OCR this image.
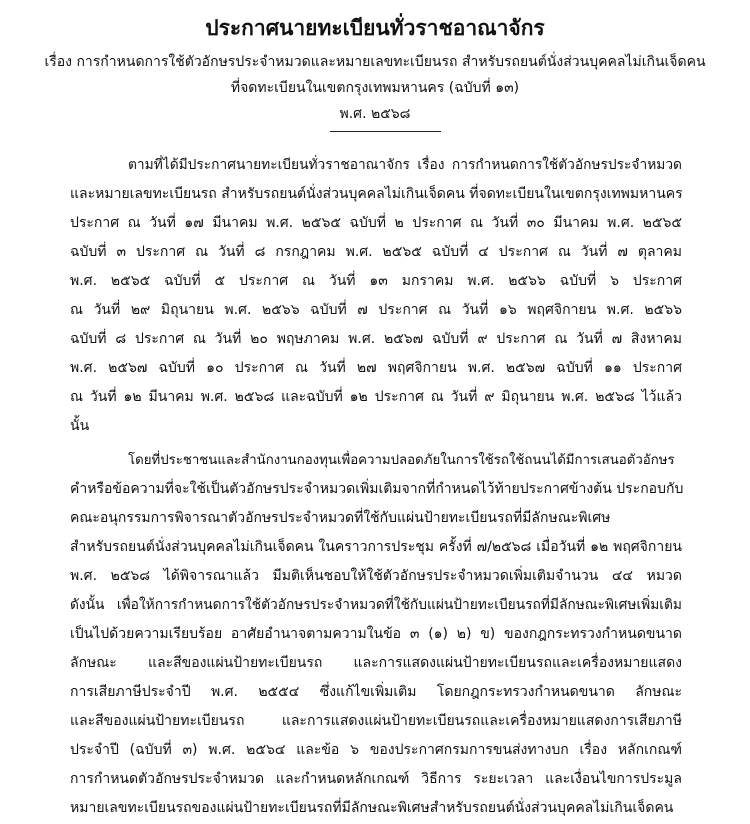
ประกาศนายทะเบียนทั่วราชอาณาจักร
เรื่อง การกำหนดการใช้ตัวอักษรประจำหมวดและหมายเลขทะเบียนรถ สำหรับรถยนต์นั่งส่วนบุคคลไม่เกินเจ็ดคน
ที่จดทะเบียนในเขตกรุงเทพมหานคร (ฉบับที่ ๑๓)
พ.ศ. ๒๕๖๘
ตามที่ได้มีประกาศนายทะเบียนทั่วราชอาณาจักร เรื่อง การกำหนดการใช้ตัวอักษรประจำหมวด
และหมายเลขทะเบียนรถ สำหรับรถยนต์นั่งส่วนบุคคลไม่เกินเจ็ดคน ที่จดทะเบียนในเขตกรุงเทพมหานคร
ประกาศ ณ วันที่ ๑๗ มีนาคม พ.ศ. ๒๕๖๕ ฉบับที่ ๒ ประกาศ ณ วันที่ ๓๐ มีนาคม พ.ศ. ๒๕๖๕
ฉบับที่ ๓ ประกาศ ณ วันที่ ๘ กรกฎาคม พ.ศ. ๒๕๖๕ ฉบับที่ ๔ ประกาศ ณ วันที่ ๗ ตุลาคม
พ.ศ. ๒๕๖๕ ฉบับที่ ๕ ประกาศ ณ วันที่ ๑๓ มกราคม พ.ศ. ๒๕๖๖ ฉบับที่ ๖ ประกาศ
ณ วันที่ ๒๙ มิถุนายน พ.ศ. ๒๕๖๖ ฉบับที่ ๗ ประกาศ ณ วันที่ ๑๖ พฤศจิกายน พ.ศ. ๒๕๖๖
ฉบับที่ ๘ ประกาศ ณ วันที่ ๒๐ พฤษภาคม พ.ศ. ๒๕๖๗ ฉบับที่ ๙ ประกาศ ณ วันที่ ๗ สิงหาคม
พ.ศ. ๒๕๖๗ ฉบับที่ ๑๐ ประกาศ ณ วันที่ ๒๗ พฤศจิกายน พ.ศ. ๒๕๖๗ ฉบับที่ ๑๑ ประกาศ
ณ วันที่ ๑๒ มีนาคม พ.ศ. ๒๕๖๘ และฉบับที่ ๑๒ ประกาศ ณ วันที่ ๙ มิถุนายน พ.ศ. ๒๕๖๘ ไว้แล้ว
นั้น
โดยที่ประชาชนและสำนักงานกองทุนเพื่อความปลอดภัยในการใช้รถใช้ถนนได้มีการเสนอตัวอักษร
คำหรือข้อความที่จะใช้เป็นตัวอักษรประจำหมวดเพิ่มเติมจากที่กำหนดไว้ท้ายประกาศข้างต้น ประกอบกับ
คณะอนุกรรมการพิจารณาตัวอักษรประจำหมวดที่ใช้กับแผ่นป้ายทะเบียนรถที่มีลักษณะพิเศษ
สำหรับรถยนต์นั่งส่วนบุคคลไม่เกินเจ็ดคน ในคราวการประชุม ครั้งที่ ๗/๒๕๖๘ เมื่อวันที่ ๑๒ พฤศจิกายน
พ.ศ. ๒๕๖๘ ได้พิจารณาแล้ว มีมติเห็นชอบให้ใช้ตัวอักษรประจำหมวดเพิ่มเติมจำนวน ๔๔ หมวด
ดังนั้น เพื่อให้การกำหนดการใช้ตัวอักษรประจำหมวดที่ใช้กับแผ่นป้ายทะเบียนรถที่มีลักษณะพิเศษเพิ่มเติม
เป็นไปด้วยความเรียบร้อย อาศัยอำนาจตามความในข้อ ๓ (๑) ๒) ข) ของกฎกระทรวงกำหนดขนาด
ลักษณะ และสีของแผ่นป้ายทะเบียนรถ และการแสดงแผ่นป้ายทะเบียนรถและเครื่องหมายแสดง
การเสียภาษีประจำปี พ.ศ. ๒๕๕๔ ซึ่งแก้ไขเพิ่มเติม โดยกฎกระทรวงกำหนดขนาด ลักษณะ
และสีของแผ่นป้ายทะเบียนรถ และการแสดงแผ่นป้ายทะเบียนรถและเครื่องหมายแสดงการเสียภาษี
ประจำปี (ฉบับที่ ๓) พ.ศ. ๒๕๖๔ และข้อ ๖ ของประกาศกรมการขนส่งทางบก เรื่อง หลักเกณฑ์
การกำหนดตัวอักษรประจำหมวด และกำหนดหลักเกณฑ์ วิธีการ ระยะเวลา และเงื่อนไขการประมูล
หมายเลขทะเบียนรถของแผ่นป้ายทะเบียนรถที่มีลักษณะพิเศษสำหรับรถยนต์นั่งส่วนบุคคลไม่เกินเจ็ดคน
